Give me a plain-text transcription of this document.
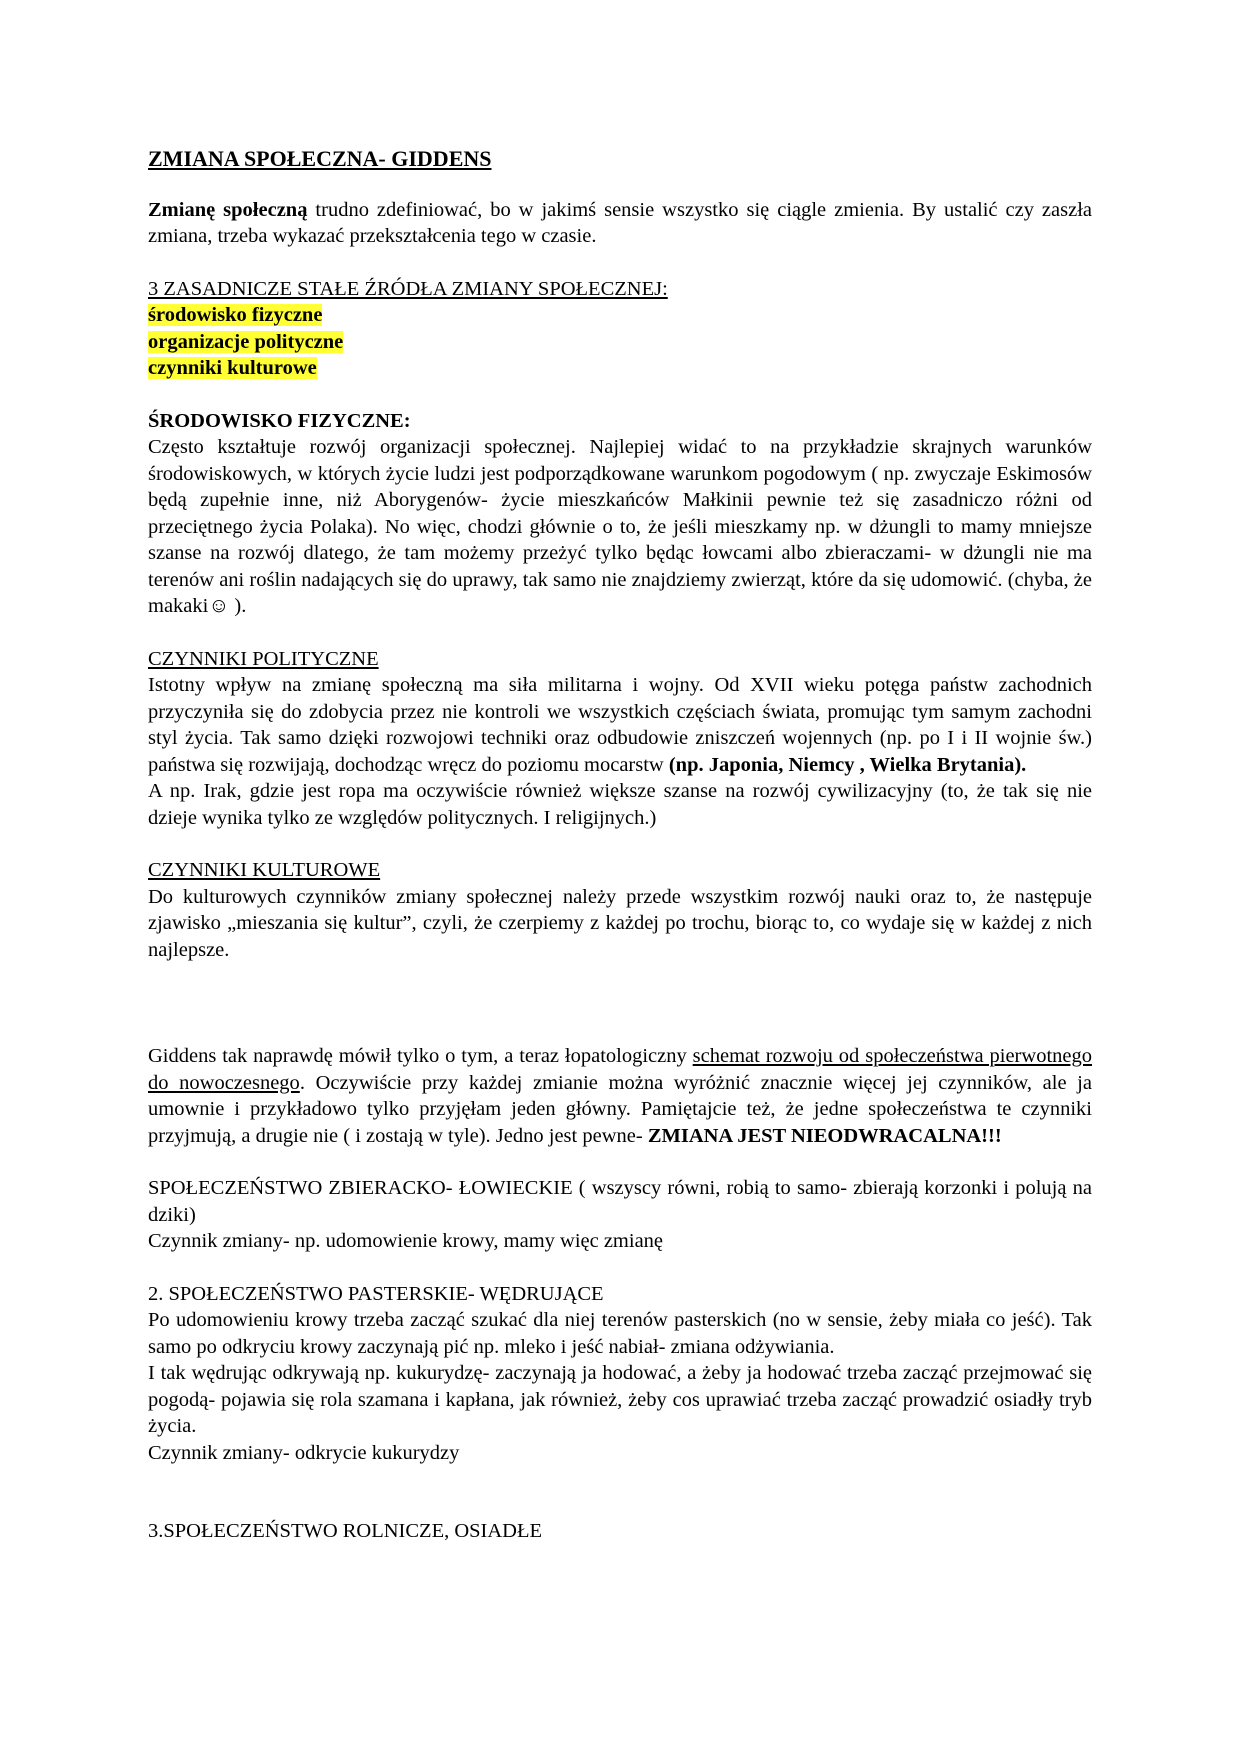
ZMIANA SPOŁECZNA- GIDDENS

Zmianę społeczną trudno zdefiniować, bo w jakimś sensie wszystko się ciągle zmienia. By ustalić czy zaszła zmiana, trzeba wykazać przekształcenia tego w czasie.

3 ZASADNICZE STAŁE ŹRÓDŁA ZMIANY SPOŁECZNEJ:

środowisko fizyczne
organizacje polityczne
czynniki kulturowe

ŚRODOWISKO FIZYCZNE:

Często kształtuje rozwój organizacji społecznej. Najlepiej widać to na przykładzie skrajnych warunków środowiskowych, w których życie ludzi jest podporządkowane warunkom pogodowym ( np. zwyczaje Eskimosów będą zupełnie inne, niż Aborygenów- życie mieszkańców Małkinii pewnie też się zasadniczo różni od przeciętnego życia Polaka). No więc, chodzi głównie o to, że jeśli mieszkamy np. w dżungli to mamy mniejsze szanse na rozwój dlatego, że tam możemy przeżyć tylko będąc łowcami albo zbieraczami- w dżungli nie ma terenów ani roślin nadających się do uprawy, tak samo nie znajdziemy zwierząt, które da się udomowić. (chyba, że makaki☺ ).

CZYNNIKI POLITYCZNE

Istotny wpływ na zmianę społeczną ma siła militarna i wojny. Od XVII wieku potęga państw zachodnich przyczyniła się do zdobycia przez nie kontroli we wszystkich częściach świata, promując tym samym zachodni styl życia. Tak samo dzięki rozwojowi techniki oraz odbudowie zniszczeń wojennych (np. po I i II wojnie św.) państwa się rozwijają, dochodząc wręcz do poziomu mocarstw (np. Japonia, Niemcy , Wielka Brytania).

A np. Irak, gdzie jest ropa ma oczywiście również większe szanse na rozwój cywilizacyjny (to, że tak się nie dzieje wynika tylko ze względów politycznych. I religijnych.)

CZYNNIKI KULTUROWE

Do kulturowych czynników zmiany społecznej należy przede wszystkim rozwój nauki oraz to, że następuje zjawisko „mieszania się kultur”, czyli, że czerpiemy z każdej po trochu, biorąc to, co wydaje się w każdej z nich najlepsze.

Giddens tak naprawdę mówił tylko o tym, a teraz łopatologiczny schemat rozwoju od społeczeństwa pierwotnego do nowoczesnego. Oczywiście przy każdej zmianie można wyróżnić znacznie więcej jej czynników, ale ja umownie i przykładowo tylko przyjęłam jeden główny. Pamiętajcie też, że jedne społeczeństwa te czynniki przyjmują, a drugie nie ( i zostają w tyle). Jedno jest pewne- ZMIANA JEST NIEODWRACALNA!!!

SPOŁECZEŃSTWO ZBIERACKO- ŁOWIECKIE ( wszyscy równi, robią to samo- zbierają korzonki i polują na dziki)

Czynnik zmiany- np. udomowienie krowy, mamy więc zmianę

2. SPOŁECZEŃSTWO PASTERSKIE- WĘDRUJĄCE

Po udomowieniu krowy trzeba zacząć szukać dla niej terenów pasterskich (no w sensie, żeby miała co jeść). Tak samo po odkryciu krowy zaczynają pić np. mleko i jeść nabiał- zmiana odżywiania.

I tak wędrując odkrywają np. kukurydzę- zaczynają ja hodować, a żeby ja hodować trzeba zacząć przejmować się pogodą- pojawia się rola szamana i kapłana, jak również, żeby cos uprawiać trzeba zacząć prowadzić osiadły tryb życia.

Czynnik zmiany- odkrycie kukurydzy

3.SPOŁECZEŃSTWO ROLNICZE, OSIADŁE
